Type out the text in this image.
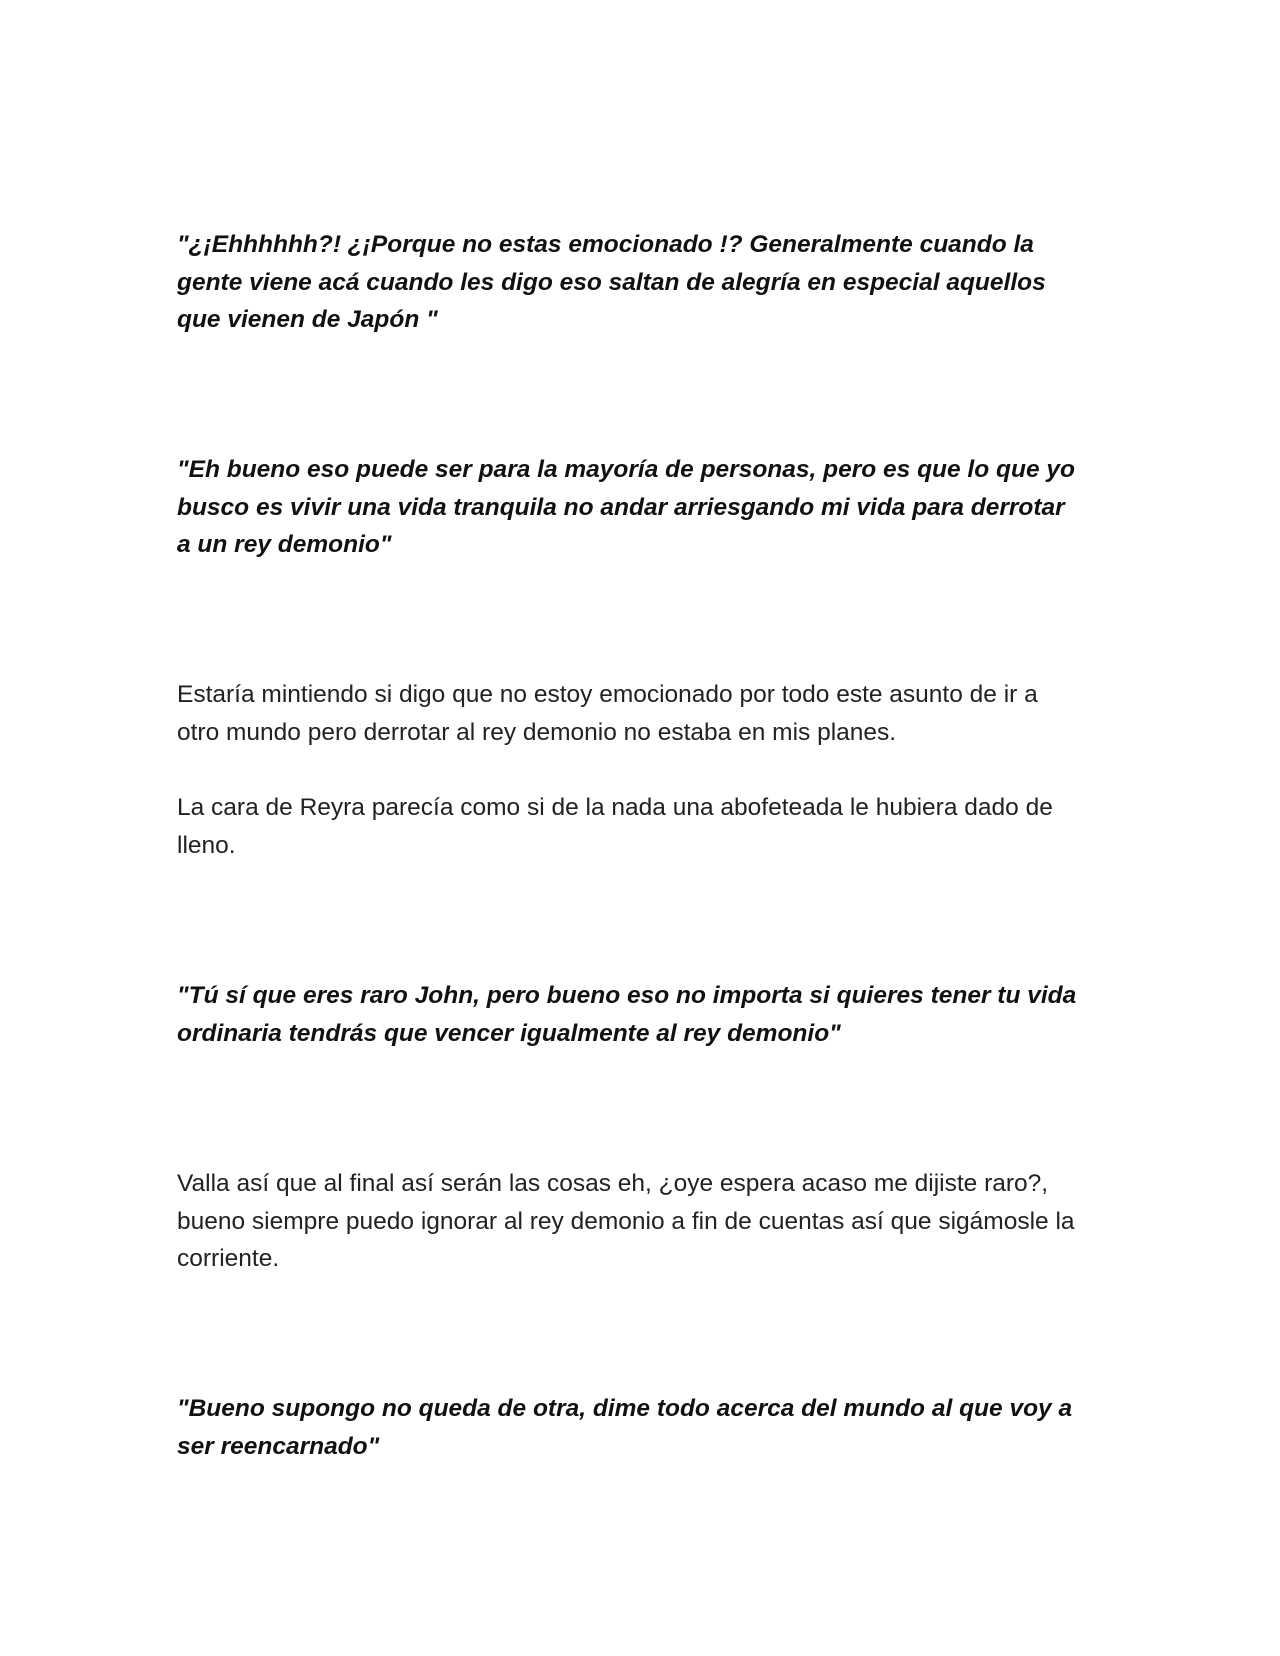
"¿¡Ehhhhhh?! ¿¡Porque no estas emocionado !? Generalmente cuando la
gente viene acá cuando les digo eso saltan de alegría en especial aquellos
que vienen de Japón "

"Eh bueno eso puede ser para la mayoría de personas, pero es que lo que yo
busco es vivir una vida tranquila no andar arriesgando mi vida para derrotar
a un rey demonio"

Estaría mintiendo si digo que no estoy emocionado por todo este asunto de ir a
otro mundo pero derrotar al rey demonio no estaba en mis planes.

La cara de Reyra parecía como si de la nada una abofeteada le hubiera dado de
lleno.

"Tú sí que eres raro John, pero bueno eso no importa si quieres tener tu vida
ordinaria tendrás que vencer igualmente al rey demonio"

Valla así que al final así serán las cosas eh, ¿oye espera acaso me dijiste raro?,
bueno siempre puedo ignorar al rey demonio a fin de cuentas así que sigámosle la
corriente.

"Bueno supongo no queda de otra, dime todo acerca del mundo al que voy a
ser reencarnado"
